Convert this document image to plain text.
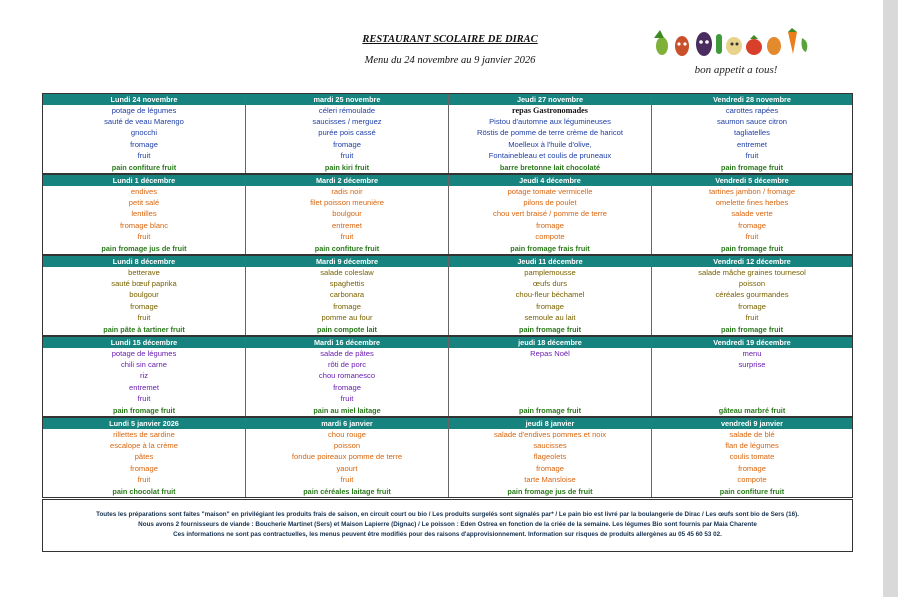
RESTAURANT SCOLAIRE DE DIRAC
Menu du 24 novembre au 9 janvier 2026
bon appetit a tous!
Lundi 24 novembre
potage de légumes
sauté de veau Marengo
gnocchi
fromage
fruit
pain confiture fruit
mardi 25 novembre
céleri rémoulade
saucisses / merguez
purée pois cassé
fromage
fruit
pain kiri fruit
Jeudi 27 novembre
repas Gastronomades
Pistou d'automne aux légumineuses
Röstis de pomme de terre crème de haricot
Moelleux à l'huile d'olive,
Fontainebleau et coulis de pruneaux
barre bretonne lait chocolaté
Vendredi 28 novembre
carottes rapées
saumon sauce citron
tagliatelles
entremet
fruit
pain fromage fruit
Lundi 1 décembre
endives
petit salé
lentilles
fromage blanc
fruit
pain fromage jus de fruit
Mardi 2 décembre
radis noir
filet poisson meunière
boulgour
entremet
fruit
pain confiture fruit
Jeudi 4 décembre
potage tomate vermicelle
pilons de poulet
chou vert braisé / pomme de terre
fromage
compote
pain fromage frais fruit
Vendredi 5 décembre
tartines jambon / fromage
omelette fines herbes
salade verte
fromage
fruit
pain fromage fruit
Lundi 8 décembre
betterave
sauté bœuf paprika
boulgour
fromage
fruit
pain pâte à tartiner fruit
Mardi 9 décembre
salade coleslaw
spaghettis
carbonara
fromage
pomme au four
pain compote lait
Jeudi 11 décembre
pamplemousse
œufs durs
chou-fleur béchamel
fromage
semoule au lait
pain fromage fruit
Vendredi 12 décembre
salade mâche graines tournesol
poisson
céréales gourmandes
fromage
fruit
pain fromage fruit
Lundi 15 décembre
potage de légumes
chili sin carne
riz
entremet
fruit
pain fromage fruit
Mardi 16 décembre
salade de pâtes
rôti de porc
chou romanesco
fromage
fruit
pain au miel laitage
jeudi 18 décembre
Repas Noël
pain fromage fruit
Vendredi 19 décembre
menu
surprise
gâteau marbré fruit
Lundi 5 janvier 2026
rillettes de sardine
escalope à la crème
pâtes
fromage
fruit
pain chocolat fruit
mardi 6 janvier
chou rouge
poisson
fondue poireaux pomme de terre
yaourt
fruit
pain céréales laitage fruit
jeudi 8 janvier
salade d'endives pommes et noix
saucisses
flageolets
fromage
tarte Mansloise
pain fromage jus de fruit
vendredi 9 janvier
salade de blé
flan de légumes
coulis tomate
fromage
compote
pain confiture fruit
Toutes les préparations sont faites "maison" en privilégiant les produits frais de saison, en circuit court ou bio / Les produits surgelés sont signalés par* / Le pain bio est livré par la boulangerie de Dirac / Les œufs sont bio de Sers (16).
Nous avons 2 fournisseurs de viande : Boucherie Martinet (Sers) et Maison Lapierre (Dignac) / Le poisson : Eden Ostrea en fonction de la criée de la semaine. Les légumes Bio sont fournis par Maia Charente
Ces informations ne sont pas contractuelles, les menus peuvent être modifiés pour des raisons d'approvisionnement. Information sur risques de produits allergènes au 05 45 60 53 02.
